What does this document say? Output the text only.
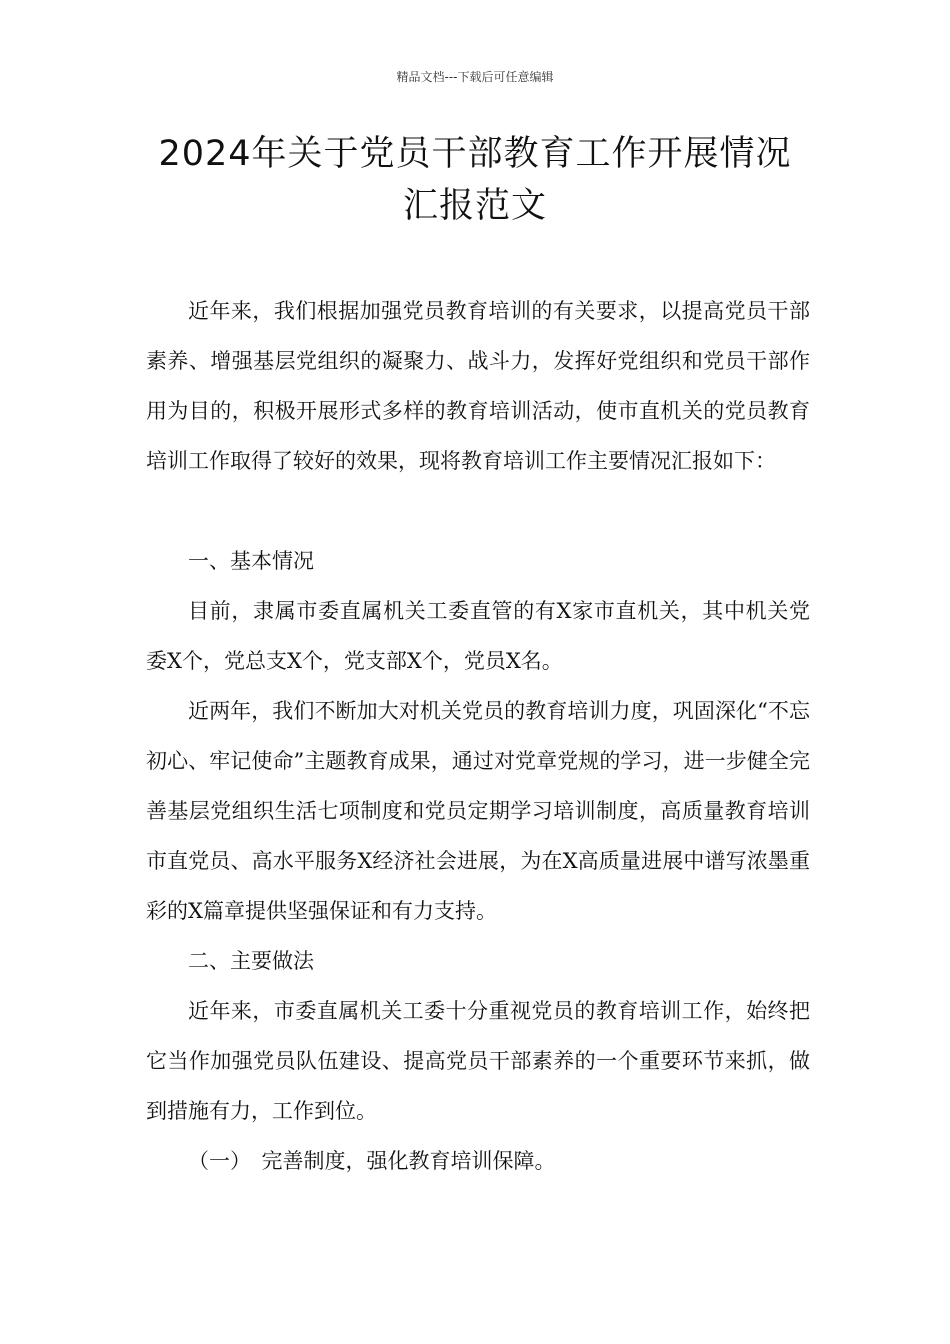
精品文档---下载后可任意编辑
2024年关于党员干部教育工作开展情况
汇报范文

近年来，我们根据加强党员教育培训的有关要求，以提高党员干部素养、增强基层党组织的凝聚力、战斗力，发挥好党组织和党员干部作用为目的，积极开展形式多样的教育培训活动，使市直机关的党员教育培训工作取得了较好的效果，现将教育培训工作主要情况汇报如下：

一、基本情况

目前，隶属市委直属机关工委直管的有X家市直机关，其中机关党委X个，党总支X个，党支部X个，党员X名。

近两年，我们不断加大对机关党员的教育培训力度，巩固深化“不忘初心、牢记使命”主题教育成果，通过对党章党规的学习，进一步健全完善基层党组织生活七项制度和党员定期学习培训制度，高质量教育培训市直党员、高水平服务X经济社会进展，为在X高质量进展中谱写浓墨重彩的X篇章提供坚强保证和有力支持。

二、主要做法

近年来，市委直属机关工委十分重视党员的教育培训工作，始终把它当作加强党员队伍建设、提高党员干部素养的一个重要环节来抓，做到措施有力，工作到位。

（一）　完善制度，强化教育培训保障。
